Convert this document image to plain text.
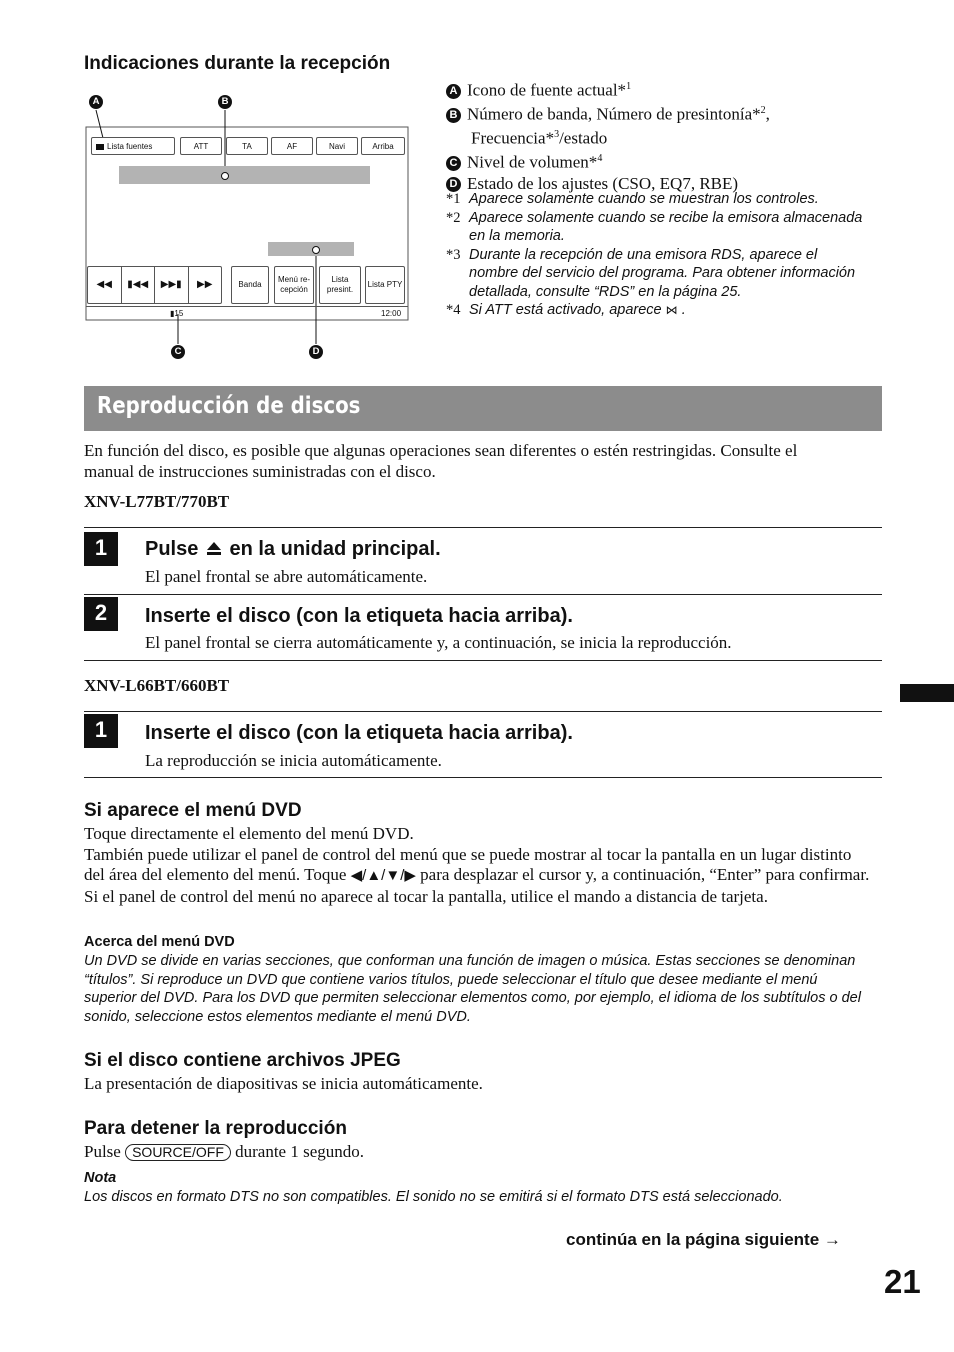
Indicaciones durante la recepción
A	B
C	D
▮15	12:00
Lista fuentes	ATT	TA	AF	Navi	Arriba
◀◀	▮◀◀	▶▶▮	▶▶	Banda
Menú re-cepción
Lista presint.
Lista PTY
A Icono de fuente actual*$^1$
B Número de banda, Número de presintonía*$^2$,
Frecuencia*$^3$/estado
C Nivel de volumen*$^4$
D Estado de los ajustes (CSO, EQ7, RBE)
*1 Aparece solamente cuando se muestran los controles.
*2 Aparece solamente cuando se recibe la emisora almacenada en la memoria.
*3 Durante la recepción de una emisora RDS, aparece el nombre del servicio del programa. Para obtener información detallada, consulte “RDS” en la página 25.
*4 Si ATT está activado, aparece ⋈ .
Reproducción de discos
En función del disco, es posible que algunas operaciones sean diferentes o estén restringidas. Consulte el manual de instrucciones suministradas con el disco.
XNV-L77BT/770BT
1	Pulse  en la unidad principal.
El panel frontal se abre automáticamente.
2	Inserte el disco (con la etiqueta hacia arriba).
El panel frontal se cierra automáticamente y, a continuación, se inicia la reproducción.
XNV-L66BT/660BT
1	Inserte el disco (con la etiqueta hacia arriba).
La reproducción se inicia automáticamente.
Si aparece el menú DVD
Toque directamente el elemento del menú DVD.
También puede utilizar el panel de control del menú que se puede mostrar al tocar la pantalla en un lugar distinto del área del elemento del menú. Toque ◀/▲/▼/▶ para desplazar el cursor y, a continuación, “Enter” para confirmar.
Si el panel de control del menú no aparece al tocar la pantalla, utilice el mando a distancia de tarjeta.
Acerca del menú DVD
Un DVD se divide en varias secciones, que conforman una función de imagen o música. Estas secciones se denominan “títulos”. Si reproduce un DVD que contiene varios títulos, puede seleccionar el título que desee mediante el menú superior del DVD. Para los DVD que permiten seleccionar elementos como, por ejemplo, el idioma de los subtítulos o del sonido, seleccione estos elementos mediante el menú DVD.
Si el disco contiene archivos JPEG
La presentación de diapositivas se inicia automáticamente.
Para detener la reproducción
Pulse SOURCE/OFF durante 1 segundo.
Nota
Los discos en formato DTS no son compatibles. El sonido no se emitirá si el formato DTS está seleccionado.
continúa en la página siguiente →
21
